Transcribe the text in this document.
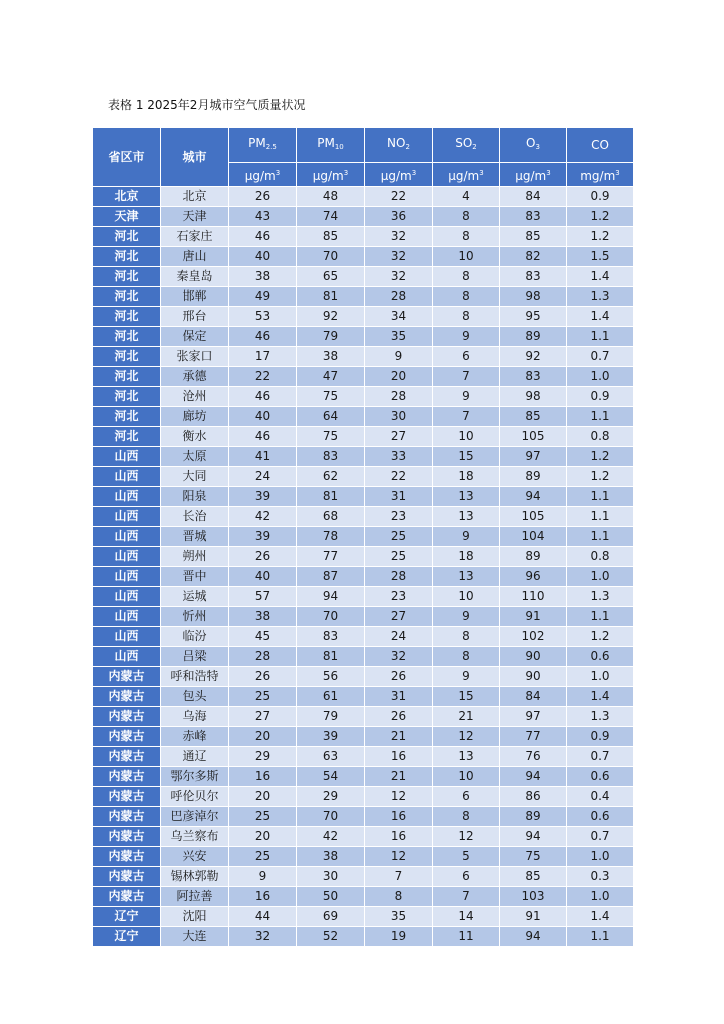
表格 1 2025年2月城市空气质量状况
省区市	城市	$PM_{2.5}$	$PM_{10}$	$NO_2$	$SO_2$	$O_3$	CO
		$\mu g/m^3$	$\mu g/m^3$	$\mu g/m^3$	$\mu g/m^3$	$\mu g/m^3$	$mg/m^3$
北京	北京	26	48	22	4	84	0.9
天津	天津	43	74	36	8	83	1.2
河北	石家庄	46	85	32	8	85	1.2
河北	唐山	40	70	32	10	82	1.5
河北	秦皇岛	38	65	32	8	83	1.4
河北	邯郸	49	81	28	8	98	1.3
河北	邢台	53	92	34	8	95	1.4
河北	保定	46	79	35	9	89	1.1
河北	张家口	17	38	9	6	92	0.7
河北	承德	22	47	20	7	83	1.0
河北	沧州	46	75	28	9	98	0.9
河北	廊坊	40	64	30	7	85	1.1
河北	衡水	46	75	27	10	105	0.8
山西	太原	41	83	33	15	97	1.2
山西	大同	24	62	22	18	89	1.2
山西	阳泉	39	81	31	13	94	1.1
山西	长治	42	68	23	13	105	1.1
山西	晋城	39	78	25	9	104	1.1
山西	朔州	26	77	25	18	89	0.8
山西	晋中	40	87	28	13	96	1.0
山西	运城	57	94	23	10	110	1.3
山西	忻州	38	70	27	9	91	1.1
山西	临汾	45	83	24	8	102	1.2
山西	吕梁	28	81	32	8	90	0.6
内蒙古	呼和浩特	26	56	26	9	90	1.0
内蒙古	包头	25	61	31	15	84	1.4
内蒙古	乌海	27	79	26	21	97	1.3
内蒙古	赤峰	20	39	21	12	77	0.9
内蒙古	通辽	29	63	16	13	76	0.7
内蒙古	鄂尔多斯	16	54	21	10	94	0.6
内蒙古	呼伦贝尔	20	29	12	6	86	0.4
内蒙古	巴彦淖尔	25	70	16	8	89	0.6
内蒙古	乌兰察布	20	42	16	12	94	0.7
内蒙古	兴安	25	38	12	5	75	1.0
内蒙古	锡林郭勒	9	30	7	6	85	0.3
内蒙古	阿拉善	16	50	8	7	103	1.0
辽宁	沈阳	44	69	35	14	91	1.4
辽宁	大连	32	52	19	11	94	1.1
